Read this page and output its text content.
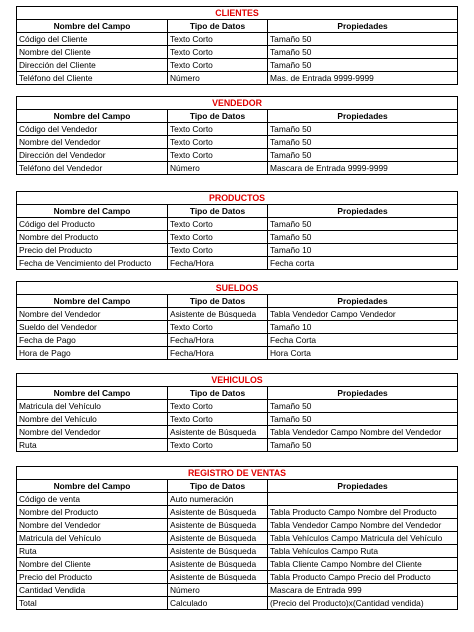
CLIENTES		
Nombre del Campo	Tipo de Datos	Propiedades
Código del Cliente	Texto Corto	Tamaño 50
Nombre del Cliente	Texto Corto	Tamaño 50
Dirección del Cliente	Texto Corto	Tamaño 50
Teléfono del Cliente	Número	Mas. de Entrada 9999-9999
VENDEDOR		
Nombre del Campo	Tipo de Datos	Propiedades
Código del Vendedor	Texto Corto	Tamaño 50
Nombre del Vendedor	Texto Corto	Tamaño 50
Dirección del Vendedor	Texto Corto	Tamaño 50
Teléfono del Vendedor	Número	Mascara de Entrada 9999-9999
PRODUCTOS		
Nombre del Campo	Tipo de Datos	Propiedades
Código del Producto	Texto Corto	Tamaño 50
Nombre del Producto	Texto Corto	Tamaño 50
Precio del Producto	Texto Corto	Tamaño 10
Fecha de Vencimiento del Producto	Fecha/Hora	Fecha corta
SUELDOS		
Nombre del Campo	Tipo de Datos	Propiedades
Nombre del Vendedor	Asistente de Búsqueda	Tabla Vendedor Campo Vendedor
Sueldo del Vendedor	Texto Corto	Tamaño 10
Fecha de Pago	Fecha/Hora	Fecha Corta
Hora de Pago	Fecha/Hora	Hora Corta
VEHICULOS		
Nombre del Campo	Tipo de Datos	Propiedades
Matricula del Vehículo	Texto Corto	Tamaño 50
Nombre del Vehículo	Texto Corto	Tamaño 50
Nombre del Vendedor	Asistente de Búsqueda	Tabla Vendedor Campo Nombre del Vendedor
Ruta	Texto Corto	Tamaño 50
REGISTRO DE VENTAS		
Nombre del Campo	Tipo de Datos	Propiedades
Código de venta	Auto numeración	
Nombre del Producto	Asistente de Búsqueda	Tabla Producto Campo Nombre del Producto
Nombre del Vendedor	Asistente de Búsqueda	Tabla Vendedor Campo Nombre del Vendedor
Matricula del Vehículo	Asistente de Búsqueda	Tabla Vehículos Campo Matricula del Vehículo
Ruta	Asistente de Búsqueda	Tabla Vehículos Campo Ruta
Nombre del Cliente	Asistente de Búsqueda	Tabla Cliente Campo Nombre del Cliente
Precio del Producto	Asistente de Búsqueda	Tabla Producto Campo Precio del Producto
Cantidad Vendida	Número	Mascara de Entrada 999
Total	Calculado	(Precio del Producto)x(Cantidad vendida)
